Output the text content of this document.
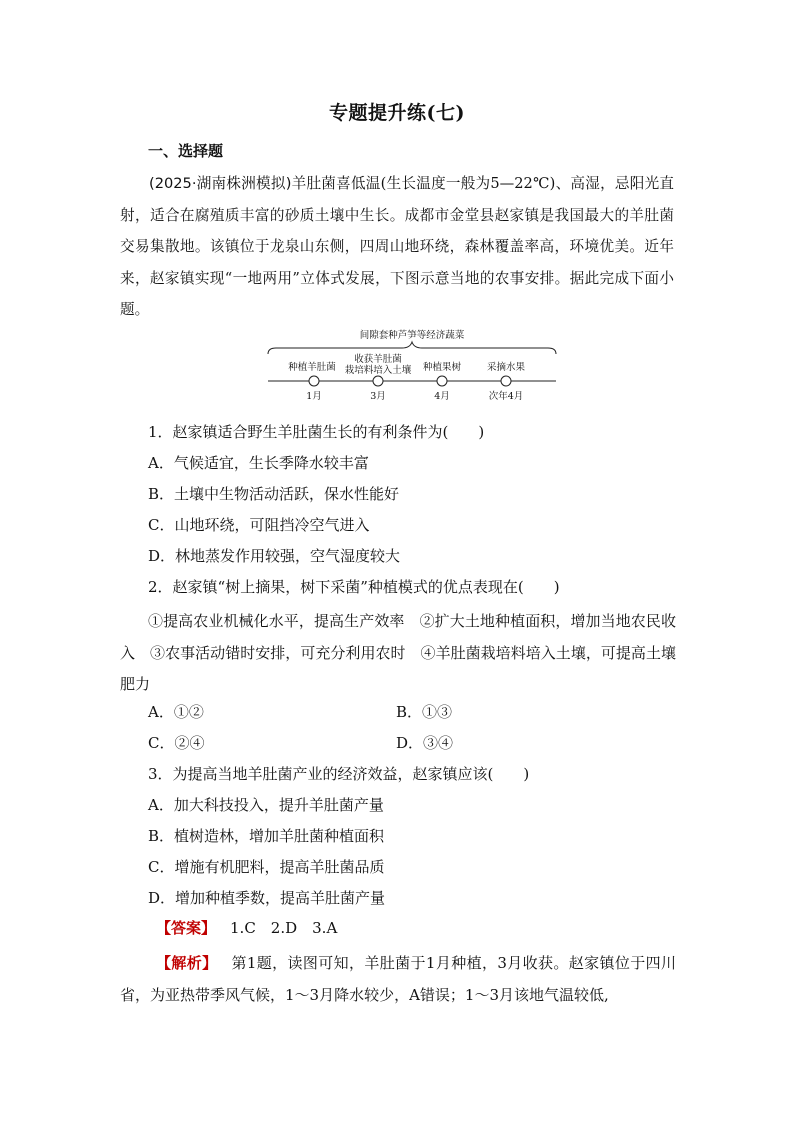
专题提升练(七)
一、选择题
(2025·湖南株洲模拟)羊肚菌喜低温(生长温度一般为5—22℃)、高湿，忌阳光直射，适合在腐殖质丰富的砂质土壤中生长。成都市金堂县赵家镇是我国最大的羊肚菌交易集散地。该镇位于龙泉山东侧，四周山地环绕，森林覆盖率高，环境优美。近年来，赵家镇实现“一地两用”立体式发展，下图示意当地的农事安排。据此完成下面小题。
间隙套种芦笋等经济蔬菜
种植羊肚菌
收获羊肚菌
栽培料培入土壤	种植果树	采摘水果
1月	3月	4月	次年4月
1．赵家镇适合野生羊肚菌生长的有利条件为(　　)
A．气候适宜，生长季降水较丰富
B．土壤中生物活动活跃，保水性能好
C．山地环绕，可阻挡冷空气进入
D．林地蒸发作用较强，空气湿度较大
2．赵家镇“树上摘果，树下采菌”种植模式的优点表现在(　　)
①提高农业机械化水平，提高生产效率　②扩大土地种植面积，增加当地农民收入　③农事活动错时安排，可充分利用农时　④羊肚菌栽培料培入土壤，可提高土壤肥力
A．①②	B．①③
C．②④	D．③④
3．为提高当地羊肚菌产业的经济效益，赵家镇应该(　　)
A．加大科技投入，提升羊肚菌产量
B．植树造林，增加羊肚菌种植面积
C．增施有机肥料，提高羊肚菌品质
D．增加种植季数，提高羊肚菌产量
【答案】 1.C　2.D　3.A
【解析】 第1题，读图可知，羊肚菌于1月种植，3月收获。赵家镇位于四川省，为亚热带季风气候，1～3月降水较少，A错误；1～3月该地气温较低,
